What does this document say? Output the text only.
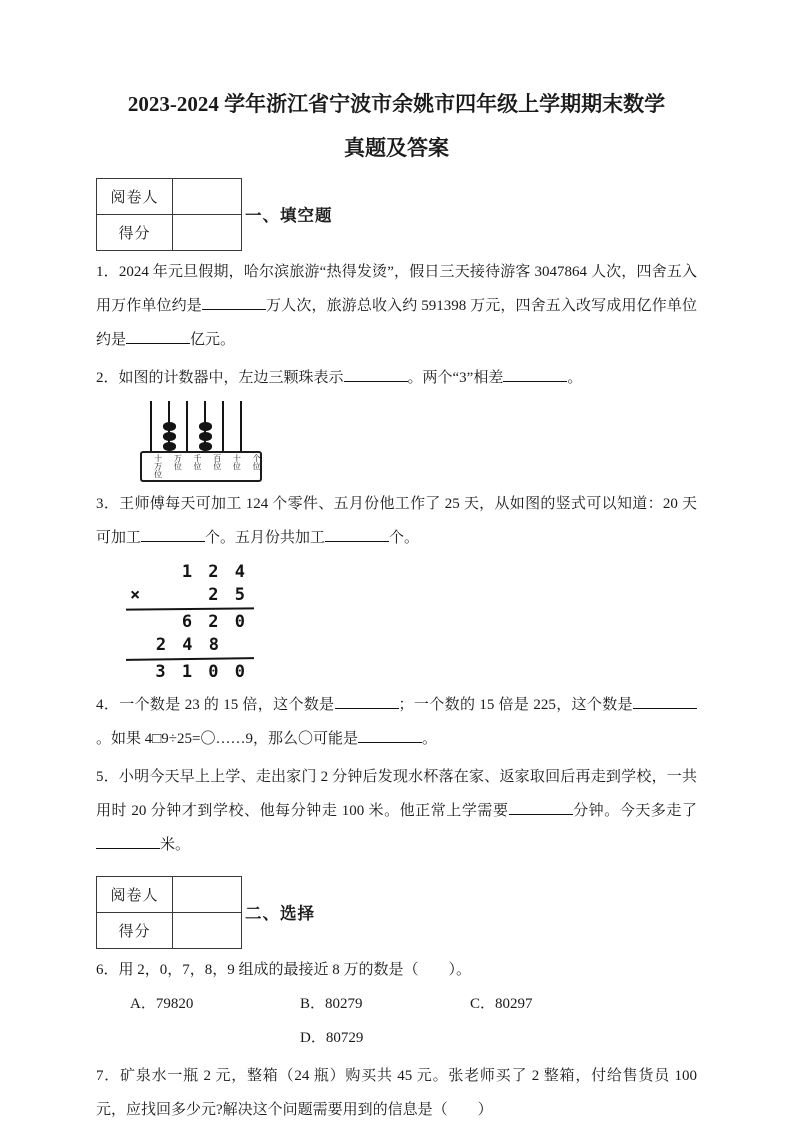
2023-2024 学年浙江省宁波市余姚市四年级上学期期末数学
真题及答案
阅卷人	
得分	
一、填空题

1．2024 年元旦假期，哈尔滨旅游“热得发烫”，假日三天接待游客 3047864 人次，四舍五入用万作单位约是	万人次，旅游总收入约 591398 万元，四舍五入改写成用亿作单位约是	亿元。

2．如图的计数器中，左边三颗珠表示	。两个“3”相差	。

十万位	万位	千位	百位	十位	个位

3．王师傅每天可加工 124 个零件、五月份他工作了 25 天，从如图的竖式可以知道：20 天可加工	个。五月份共加工	个。

1 2 4
×	2 5
6 2 0
2 4 8
3 1 0 0

4．一个数是 23 的 15 倍，这个数是	；一个数的 15 倍是 225，这个数是。如果 4□9÷25=〇……9，那么〇可能是	。

5．小明今天早上上学、走出家门 2 分钟后发现水杯落在家、返家取回后再走到学校，一共用时 20 分钟才到学校、他每分钟走 100 米。他正常上学需要	分钟。今天多走了米。

阅卷人	
得分	
二、选择

6．用 2，0，7，8，9 组成的最接近 8 万的数是（　　）。

A．79820	B．80279	C．80297
D．80729

7．矿泉水一瓶 2 元，整箱（24 瓶）购买共 45 元。张老师买了 2 整箱，付给售货员 100 元，应找回多少元?解决这个问题需要用到的信息是（　　）
